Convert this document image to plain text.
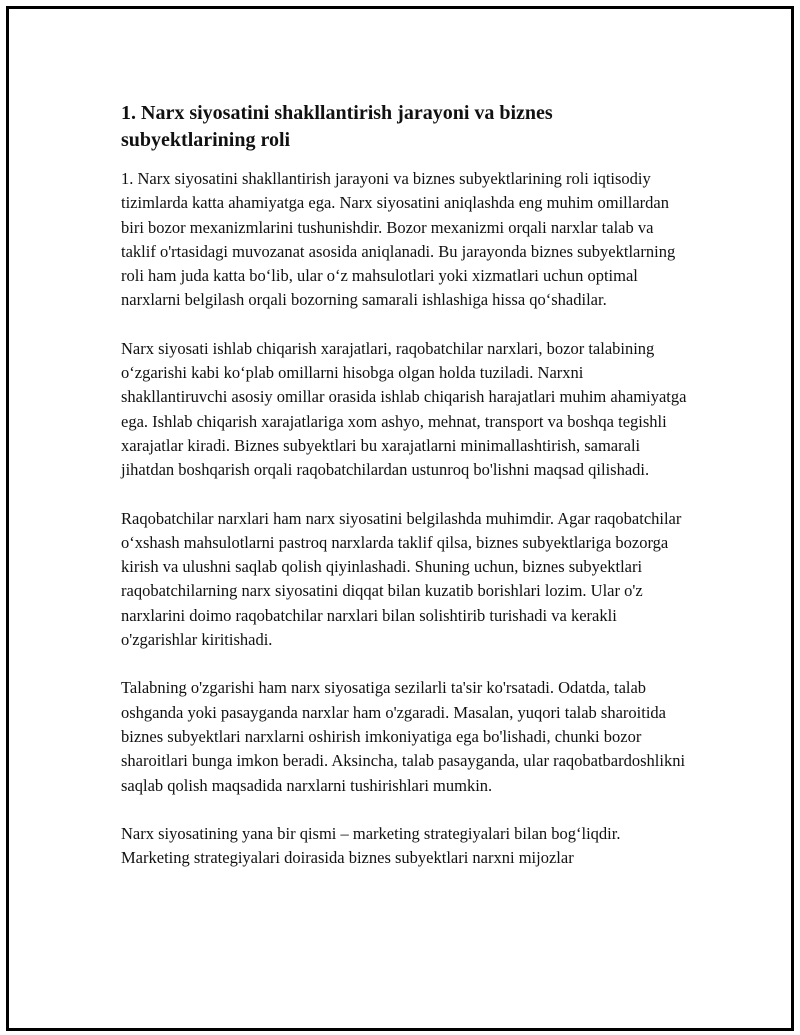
1. Narx siyosatini shakllantirish jarayoni va biznes subyektlarining roli

1. Narx siyosatini shakllantirish jarayoni va biznes subyektlarining roli iqtisodiy tizimlarda katta ahamiyatga ega. Narx siyosatini aniqlashda eng muhim omillardan biri bozor mexanizmlarini tushunishdir. Bozor mexanizmi orqali narxlar talab va taklif o'rtasidagi muvozanat asosida aniqlanadi. Bu jarayonda biznes subyektlarning roli ham juda katta bo‘lib, ular o‘z mahsulotlari yoki xizmatlari uchun optimal narxlarni belgilash orqali bozorning samarali ishlashiga hissa qo‘shadilar.

Narx siyosati ishlab chiqarish xarajatlari, raqobatchilar narxlari, bozor talabining o‘zgarishi kabi ko‘plab omillarni hisobga olgan holda tuziladi. Narxni shakllantiruvchi asosiy omillar orasida ishlab chiqarish harajatlari muhim ahamiyatga ega. Ishlab chiqarish xarajatlariga xom ashyo, mehnat, transport va boshqa tegishli xarajatlar kiradi. Biznes subyektlari bu xarajatlarni minimallashtirish, samarali jihatdan boshqarish orqali raqobatchilardan ustunroq bo'lishni maqsad qilishadi.

Raqobatchilar narxlari ham narx siyosatini belgilashda muhimdir. Agar raqobatchilar o‘xshash mahsulotlarni pastroq narxlarda taklif qilsa, biznes subyektlariga bozorga kirish va ulushni saqlab qolish qiyinlashadi. Shuning uchun, biznes subyektlari raqobatchilarning narx siyosatini diqqat bilan kuzatib borishlari lozim. Ular o'z narxlarini doimo raqobatchilar narxlari bilan solishtirib turishadi va kerakli o'zgarishlar kiritishadi.

Talabning o'zgarishi ham narx siyosatiga sezilarli ta'sir ko'rsatadi. Odatda, talab oshganda yoki pasayganda narxlar ham o'zgaradi. Masalan, yuqori talab sharoitida biznes subyektlari narxlarni oshirish imkoniyatiga ega bo'lishadi, chunki bozor sharoitlari bunga imkon beradi. Aksincha, talab pasayganda, ular raqobatbardoshlikni saqlab qolish maqsadida narxlarni tushirishlari mumkin.

Narx siyosatining yana bir qismi – marketing strategiyalari bilan bog‘liqdir. Marketing strategiyalari doirasida biznes subyektlari narxni mijozlar
